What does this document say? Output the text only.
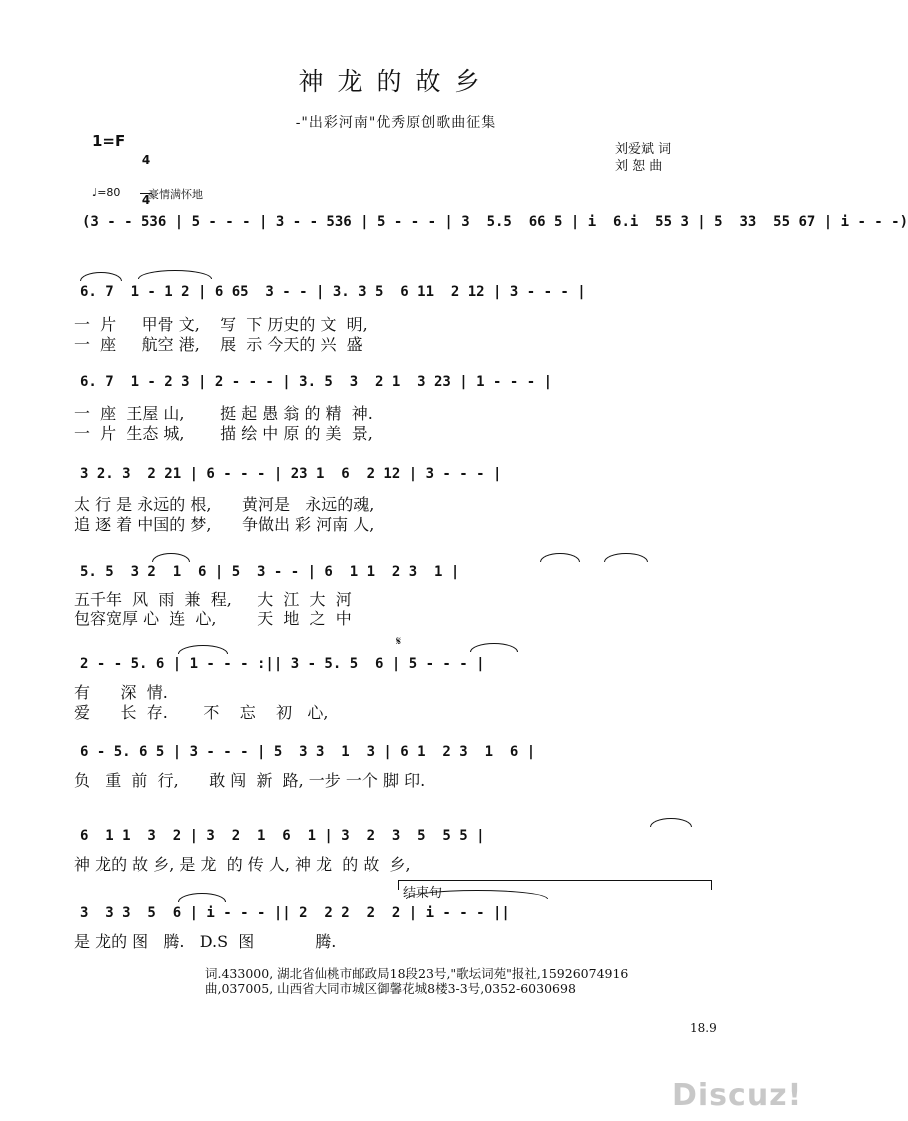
神龙的故乡
-"出彩河南"优秀原创歌曲征集
1=F

4

4

刘爱斌 词
刘 恕 曲
♩=80	豪情满怀地
(3 - - 536 | 5 - - - | 3 - - 536 | 5 - - - | 3  5.5  66 5 | i  6.i  55 3 | 5  33  55 67 | i - - -)
6. 7  1 - 1 2 | 6 65  3 - - | 3. 3 5  6 11  2 12 | 3 - - - |
一  片     甲骨 文,    写  下 历史的 文  明,
一  座     航空 港,    展  示 今天的 兴  盛
6. 7  1 - 2 3 | 2 - - - | 3. 5  3  2 1  3 23 | 1 - - - |
一  座  王屋 山,       挺 起 愚 翁 的 精  神.
一  片  生态 城,       描 绘 中 原 的 美  景,
3 2. 3  2 21 | 6 - - - | 23 1  6  2 12 | 3 - - - |
太 行 是 永远的 根,      黄河是   永远的魂,
追 逐 着 中国的 梦,      争做出 彩 河南 人,
5. 5  3 2  1  6 | 5  3 - - | 6  1 1  2 3  1 |
五千年  风  雨  兼  程,     大  江  大  河
包容宽厚 心  连  心,        天  地  之  中
𝄋
2 - - 5. 6 | 1 - - - :|| 3 - 5. 5  6 | 5 - - - |
有      深  情.
爱      长  存.       不    忘    初   心,
6 - 5. 6 5 | 3 - - - | 5  3 3  1  3 | 6 1  2 3  1  6 |
负   重  前  行,      敢 闯  新  路, 一步 一个 脚 印.
6  1 1  3  2 | 3  2  1  6  1 | 3  2  3  5  5 5 |
神 龙的 故 乡, 是 龙  的 传 人, 神 龙  的 故  乡,
结束句
3  3 3  5  6 | i - - - || 2  2 2  2  2 | i - - - ||
是 龙的 图   腾.   D.S  图            腾.
词.433000, 湖北省仙桃市邮政局18段23号,"歌坛词苑"报社,15926074916
曲,037005, 山西省大同市城区御馨花城8楼3-3号,0352-6030698
18.9
Discuz!
